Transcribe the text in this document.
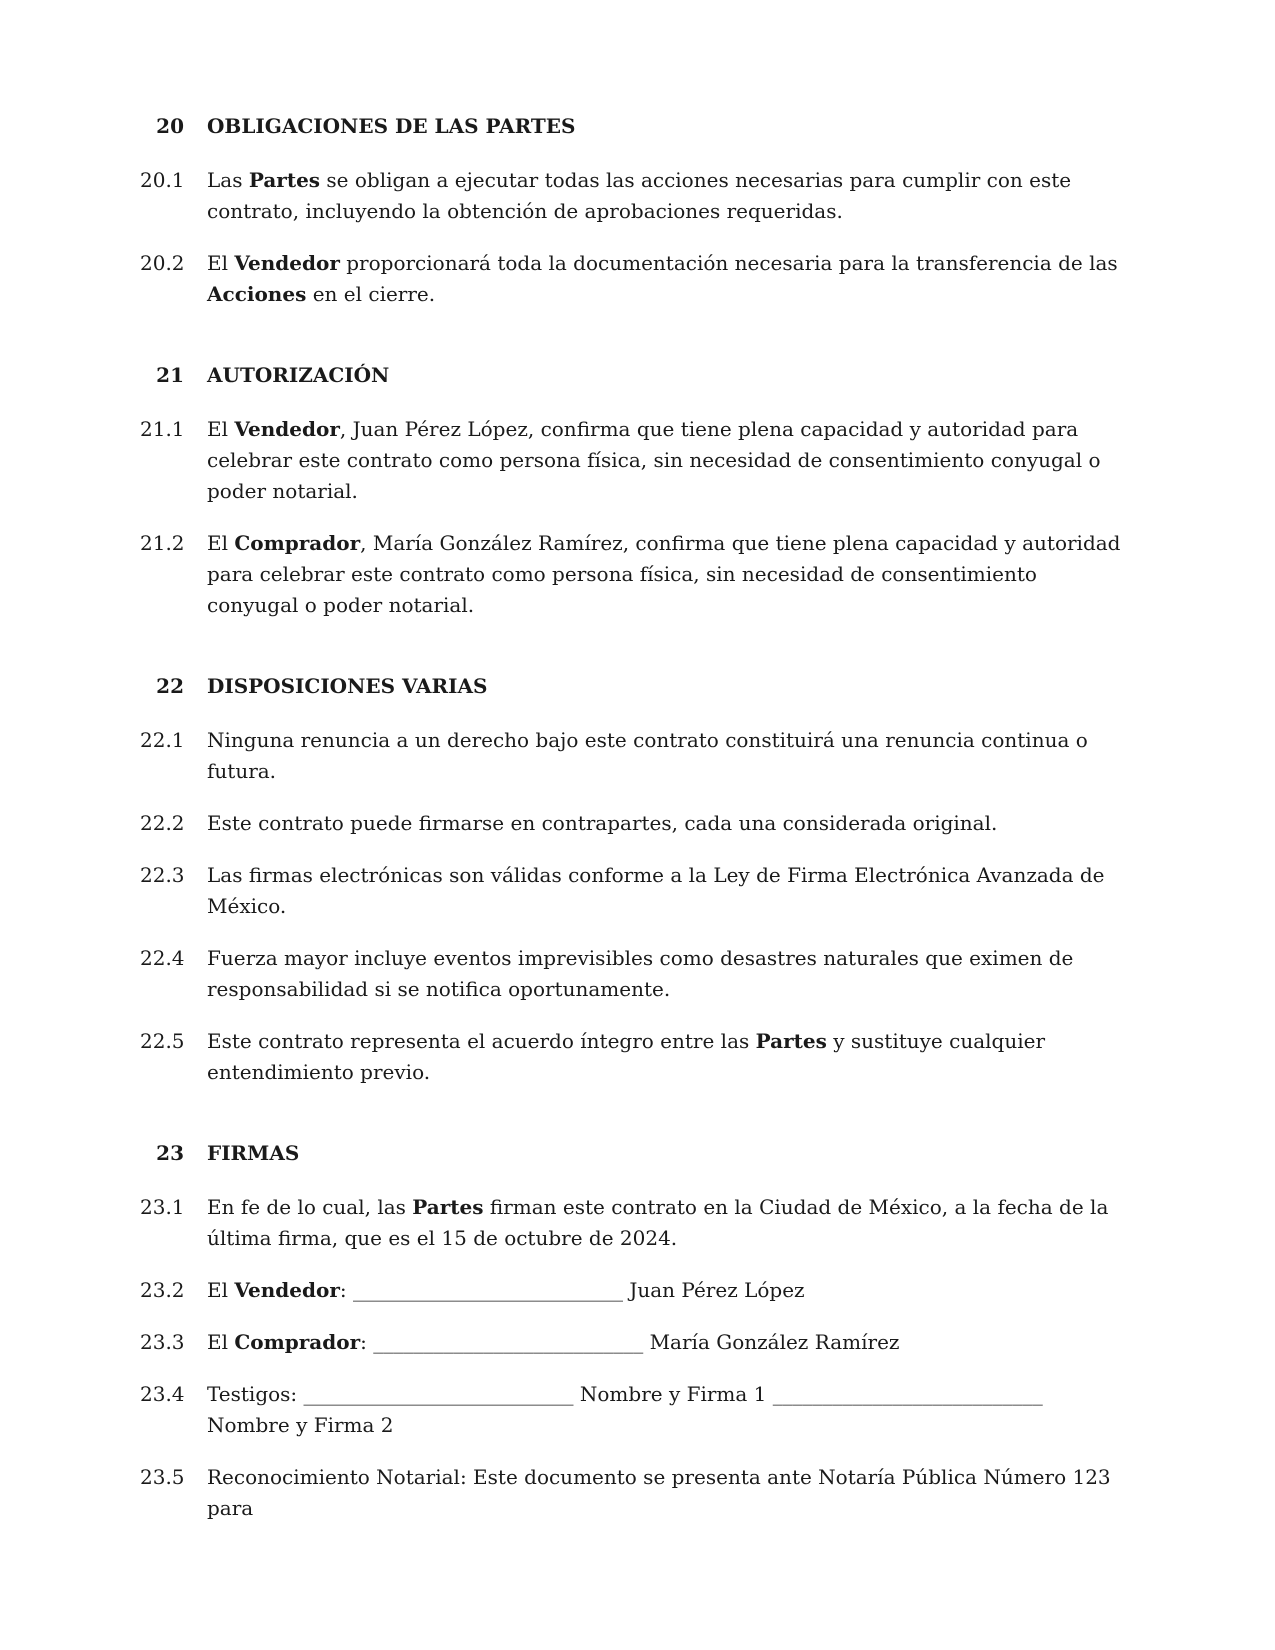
20 OBLIGACIONES DE LAS PARTES
20.1	Las Partes se obligan a ejecutar todas las acciones necesarias para cumplir con este contrato, incluyendo la obtención de aprobaciones requeridas.
20.2	El Vendedor proporcionará toda la documentación necesaria para la transferencia de las Acciones en el cierre.
21 AUTORIZACIÓN
21.1	El Vendedor, Juan Pérez López, confirma que tiene plena capacidad y autoridad para celebrar este contrato como persona física, sin necesidad de consentimiento conyugal o poder notarial.
21.2	El Comprador, María González Ramírez, confirma que tiene plena capacidad y autoridad para celebrar este contrato como persona física, sin necesidad de consentimiento conyugal o poder notarial.
22 DISPOSICIONES VARIAS
22.1	Ninguna renuncia a un derecho bajo este contrato constituirá una renuncia continua o futura.
22.2	Este contrato puede firmarse en contrapartes, cada una considerada original.
22.3	Las firmas electrónicas son válidas conforme a la Ley de Firma Electrónica Avanzada de México.
22.4	Fuerza mayor incluye eventos imprevisibles como desastres naturales que eximen de responsabilidad si se notifica oportunamente.
22.5	Este contrato representa el acuerdo íntegro entre las Partes y sustituye cualquier entendimiento previo.
23 FIRMAS
23.1	En fe de lo cual, las Partes firman este contrato en la Ciudad de México, a la fecha de la última firma, que es el 15 de octubre de 2024.
23.2	El Vendedor: ___________________________ Juan Pérez López
23.3	El Comprador: ___________________________ María González Ramírez
23.4	Testigos: ___________________________ Nombre y Firma 1 ___________________________ Nombre y Firma 2
23.5	Reconocimiento Notarial: Este documento se presenta ante Notaría Pública Número 123 para
